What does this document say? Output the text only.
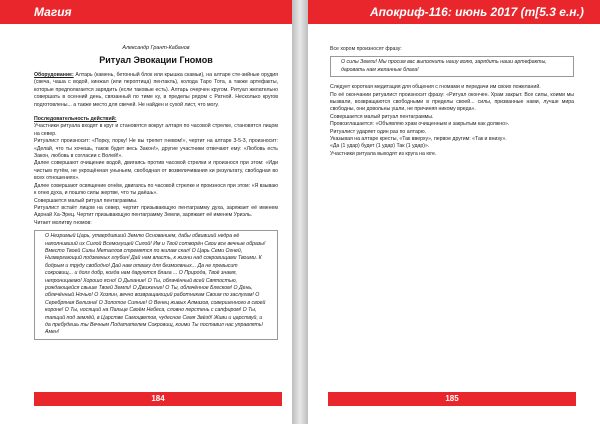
Магия
Александр Грант-Кабанов
Ритуал Эвокации Гномов

Оборудование: Алтарь (камень, бетонный блок или крышка скамьи), на алтаре сте-зийные орудия (свеча, чаша с водой, кинжал (или пероптица) пентакль), колода Таро Тота, а также артефакты, которые предполагается зарядить (если таковые есть). Алтарь очерчен кругом. Ритуал желательно совершать в осенний день, связанный по тиме ку, в пределы рядом с Ратной. Несколько кругов подготовлены... а также место для свечей. Не найден и сухой лист, что могу.

Последовательность действий:

Участники ритуала входят в круг и становятся вокруг алтаря по часовой стрелке, становятся лицом на север.

Ритуалист произносит: «Порку, порку! Не вы трепет гневом!», чертит на алтаре 3-5-3, произносит: «Делай, что ты хочешь, таков будет весь Закон!», другие участники отвечают ему: «Любовь есть Закон, любовь в согласии с Волей!».

Далее совершают очищение водой, двигаясь против часовой стрелки и произнося при этом: «Иди чистым путём, не укрощённая уныньем, свободная от возвеличивания ки результату, свободная во всех отношениях».

Далее совершают освящение огнём, двигаясь по часовой стрелке и произнося при этом: «Я взываю к огню духа, и пошлю силы жертве, что ты даёшь».

Совершается малый ритуал пентаграммы.

Ритуалист встаёт лицом на север, чертит призывающую пентаграмму духа, заряжает её именем Адонай Ха-Эрец. Чертит призывающую пентаграмму Земли, заряжает её именем Уриэль.

Читает молитву гномов:

О Незримый Царь, утвердивший Землю Основанием, дабы обвивший недра её наполнивший их Силой Всемогущей Силой! Им и Твой сотворён Свои все вечные образы! Вместо Твоей Силы Металлов стремятся по жилам скал! О Царь Семи Огней, Низвергающий подземных глубин! Дай нам власть, к жизни над сокровищами Твоими. К бодрым и труду свободно! Дай нам отвагу для безмолвных... Да не превысит сокровищ... и долг добр, когда нам даруются блага ... О Природа, Твоё знамя, непроницаемо! Хорошо ясно! О Дыхание! О Ты, облачённый всей Святостью, рождающейся свыше Твоей Земли! О Движение! О Ты, облачённое Блеском! О День, облечённый Ночью! О Хозяин, вечно возвращающий работникам Своим по заслугам! О Серебряная Белизна! О Золотое Сияние! О Венец живых Алмазов, совершенного в своей короне! О Ты, носящий на Пальце Своём Небеса, словно перстень с сапфиром! О Ты, таящий под землёй, в Царстве Самоцветов, чудесное Семя Звёзд! Живи и царствуй, и да пребудешь ты Вечным Податателем Сокровищ, коими Ты поставил нас управлять! Амен!
184
Апокриф-116: июнь 2017 (т[5.3 е.н.)

Все хором произносят фразу:

О силы Земли! Мы просим вас выполнить нашу волю, зарядить наши артефакты, даровать нам желанные блага!

Следует короткая медитация для общения с гномами и передачи им своих пожеланий.

По её окончании ритуалист произносит фразу: «Ритуал окончен. Храм закрыт. Все силы, коими мы вызвали, возвращаются свободными в пределы своей... силы, призванные нами, лучше мира свободны, они довольны ушли, не причиняя никому вреда».

Совершается малый ритуал пентаграммы.

Провозглашается: «Объявляю храм очищенным и закрытым как должно».

Ритуалист ударяет один раз по алтарю.

Указывая на алтаре кресты, «Так вверху», первое другим: «Так и внизу».

«Да (1 удар) будет (1 удар) Так (1 удар)».

Участники ритуала выходят из круга на юге.

185
